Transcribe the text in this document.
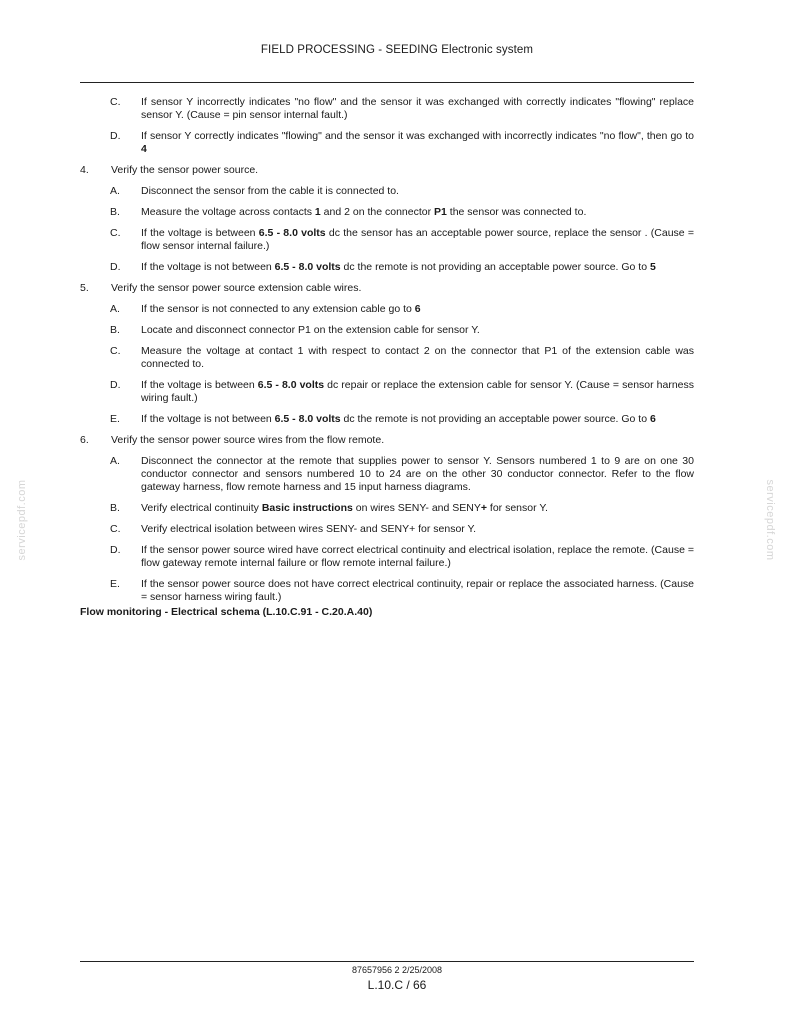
FIELD PROCESSING - SEEDING Electronic system
servicepdf.com	servicepdf.com
C.	If sensor Y incorrectly indicates "no flow" and the sensor it was exchanged with correctly indicates "flowing" replace sensor Y. (Cause = pin sensor internal fault.)
D.	If sensor Y correctly indicates "flowing" and the sensor it was exchanged with incorrectly indicates "no flow", then go to 4
4.	Verify the sensor power source.
A.	Disconnect the sensor from the cable it is connected to.
B.	Measure the voltage across contacts 1 and 2 on the connector P1 the sensor was connected to.
C.	If the voltage is between 6.5 - 8.0 volts dc the sensor has an acceptable power source, replace the sensor . (Cause = flow sensor internal failure.)
D.	If the voltage is not between 6.5 - 8.0 volts dc the remote is not providing an acceptable power source. Go to 5
5.	Verify the sensor power source extension cable wires.
A.	If the sensor is not connected to any extension cable go to 6
B.	Locate and disconnect connector P1 on the extension cable for sensor Y.
C.	Measure the voltage at contact 1 with respect to contact 2 on the connector that P1 of the extension cable was connected to.
D.	If the voltage is between 6.5 - 8.0 volts dc repair or replace the extension cable for sensor Y. (Cause = sensor harness wiring fault.)
E.	If the voltage is not between 6.5 - 8.0 volts dc the remote is not providing an acceptable power source. Go to 6
6.	Verify the sensor power source wires from the flow remote.
A.	Disconnect the connector at the remote that supplies power to sensor Y. Sensors numbered 1 to 9 are on one 30 conductor connector and sensors numbered 10 to 24 are on the other 30 conductor connector. Refer to the flow gateway harness, flow remote harness and 15 input harness diagrams.
B.	Verify electrical continuity Basic instructions on wires SENY- and SENY+ for sensor Y.
C.	Verify electrical isolation between wires SENY- and SENY+ for sensor Y.
D.	If the sensor power source wired have correct electrical continuity and electrical isolation, replace the remote. (Cause = flow gateway remote internal failure or flow remote internal failure.)
E.	If the sensor power source does not have correct electrical continuity, repair or replace the associated harness. (Cause = sensor harness wiring fault.)
Flow monitoring - Electrical schema (L.10.C.91 - C.20.A.40)
87657956 2 2/25/2008
L.10.C / 66
